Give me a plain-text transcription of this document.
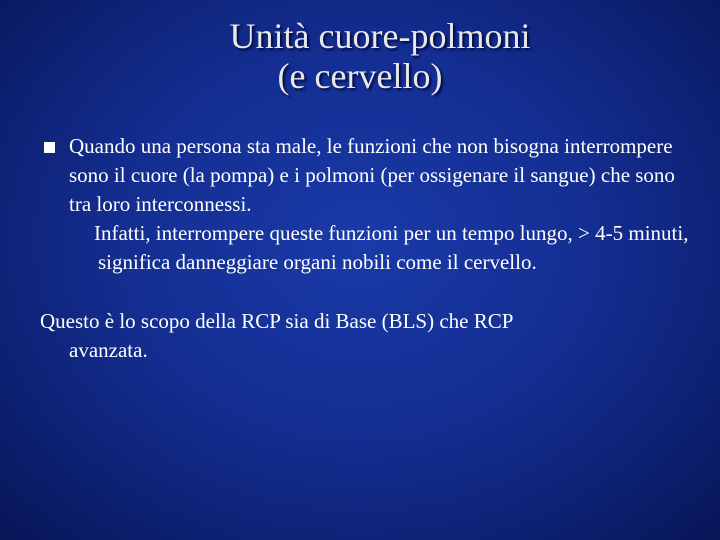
Unità cuore-polmoni
(e cervello)
Quando una persona sta male, le funzioni che non bisogna interrompere sono il cuore (la pompa) e i polmoni (per ossigenare il sangue) che sono tra loro interconnessi.
Infatti, interrompere queste funzioni per un tempo lungo, > 4-5 minuti, significa danneggiare organi nobili come il cervello.
Questo è lo scopo della RCP sia di Base (BLS) che RCP
avanzata.
